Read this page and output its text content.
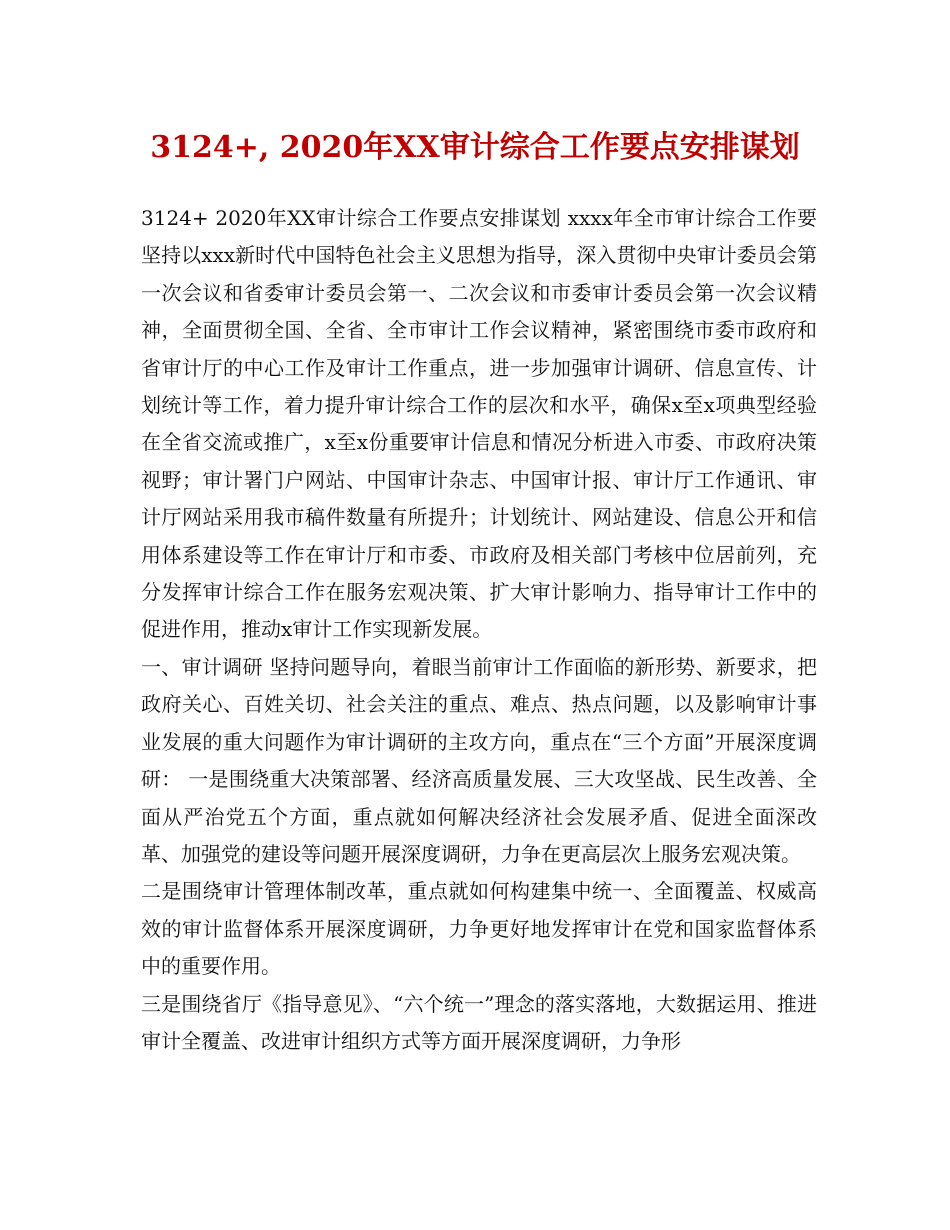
3124+, 2020年XX审计综合工作要点安排谋划

3124+ 2020年XX审计综合工作要点安排谋划 xxxx年全市审计综合工作要坚持以xxx新时代中国特色社会主义思想为指导，深入贯彻中央审计委员会第一次会议和省委审计委员会第一、二次会议和市委审计委员会第一次会议精神，全面贯彻全国、全省、全市审计工作会议精神，紧密围绕市委市政府和省审计厅的中心工作及审计工作重点，进一步加强审计调研、信息宣传、计划统计等工作，着力提升审计综合工作的层次和水平，确保x至x项典型经验在全省交流或推广，x至x份重要审计信息和情况分析进入市委、市政府决策视野；审计署门户网站、中国审计杂志、中国审计报、审计厅工作通讯、审计厅网站采用我市稿件数量有所提升；计划统计、网站建设、信息公开和信用体系建设等工作在审计厅和市委、市政府及相关部门考核中位居前列，充分发挥审计综合工作在服务宏观决策、扩大审计影响力、指导审计工作中的促进作用，推动x审计工作实现新发展。

一、审计调研 坚持问题导向，着眼当前审计工作面临的新形势、新要求，把政府关心、百姓关切、社会关注的重点、难点、热点问题，以及影响审计事业发展的重大问题作为审计调研的主攻方向，重点在“三个方面”开展深度调研： 一是围绕重大决策部署、经济高质量发展、三大攻坚战、民生改善、全面从严治党五个方面，重点就如何解决经济社会发展矛盾、促进全面深改革、加强党的建设等问题开展深度调研，力争在更高层次上服务宏观决策。

二是围绕审计管理体制改革，重点就如何构建集中统一、全面覆盖、权威高效的审计监督体系开展深度调研，力争更好地发挥审计在党和国家监督体系中的重要作用。

三是围绕省厅《指导意见》、“六个统一”理念的落实落地，大数据运用、推进审计全覆盖、改进审计组织方式等方面开展深度调研，力争形
